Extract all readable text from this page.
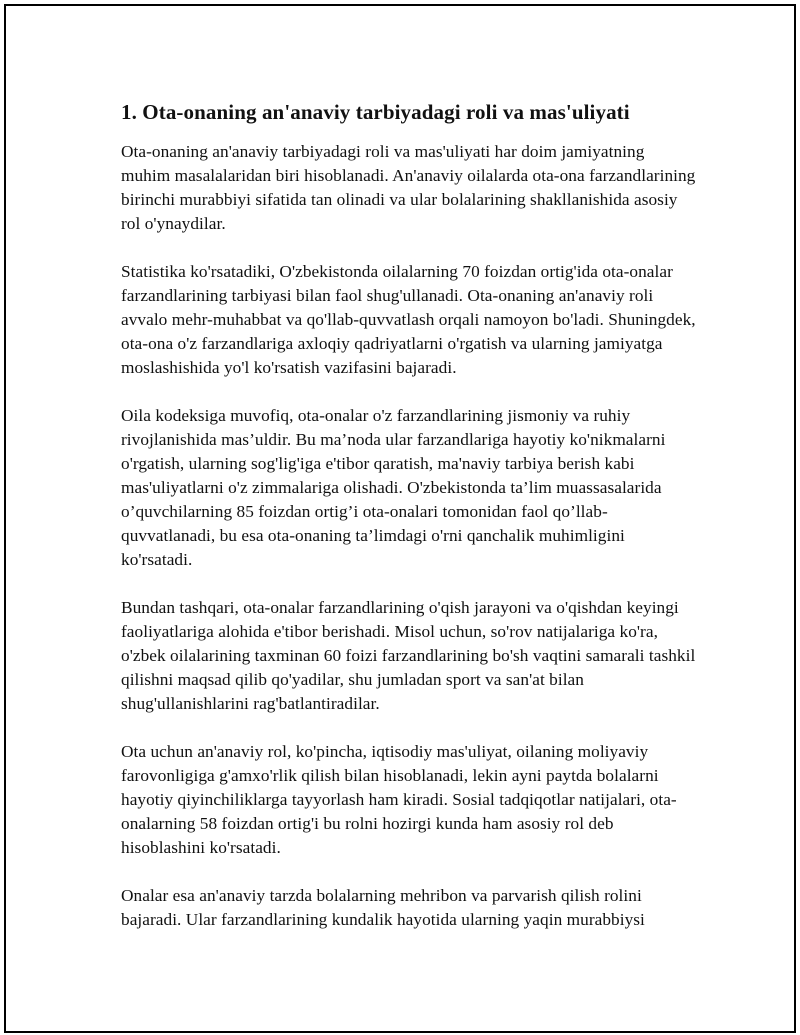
1. Ota-onaning an'anaviy tarbiyadagi roli va mas'uliyati

Ota-onaning an'anaviy tarbiyadagi roli va mas'uliyati har doim jamiyatning muhim masalalaridan biri hisoblanadi. An'anaviy oilalarda ota-ona farzandlarining birinchi murabbiyi sifatida tan olinadi va ular bolalarining shakllanishida asosiy rol o'ynaydilar.

Statistika ko'rsatadiki, O'zbekistonda oilalarning 70 foizdan ortig'ida ota-onalar farzandlarining tarbiyasi bilan faol shug'ullanadi. Ota-onaning an'anaviy roli avvalo mehr-muhabbat va qo'llab-quvvatlash orqali namoyon bo'ladi. Shuningdek, ota-ona o'z farzandlariga axloqiy qadriyatlarni o'rgatish va ularning jamiyatga moslashishida yo'l ko'rsatish vazifasini bajaradi.

Oila kodeksiga muvofiq, ota-onalar o'z farzandlarining jismoniy va ruhiy rivojlanishida mas’uldir. Bu ma’noda ular farzandlariga hayotiy ko'nikmalarni o'rgatish, ularning sog'lig'iga e'tibor qaratish, ma'naviy tarbiya berish kabi mas'uliyatlarni o'z zimmalariga olishadi. O'zbekistonda ta’lim muassasalarida o’quvchilarning 85 foizdan ortig’i ota-onalari tomonidan faol qo’llab-quvvatlanadi, bu esa ota-onaning ta’limdagi o'rni qanchalik muhimligini ko'rsatadi.

Bundan tashqari, ota-onalar farzandlarining o'qish jarayoni va o'qishdan keyingi faoliyatlariga alohida e'tibor berishadi. Misol uchun, so'rov natijalariga ko'ra, o'zbek oilalarining taxminan 60 foizi farzandlarining bo'sh vaqtini samarali tashkil qilishni maqsad qilib qo'yadilar, shu jumladan sport va san'at bilan shug'ullanishlarini rag'batlantiradilar.

Ota uchun an'anaviy rol, ko'pincha, iqtisodiy mas'uliyat, oilaning moliyaviy farovonligiga g'amxo'rlik qilish bilan hisoblanadi, lekin ayni paytda bolalarni hayotiy qiyinchiliklarga tayyorlash ham kiradi. Sosial tadqiqotlar natijalari, ota-onalarning 58 foizdan ortig'i bu rolni hozirgi kunda ham asosiy rol deb hisoblashini ko'rsatadi.

Onalar esa an'anaviy tarzda bolalarning mehribon va parvarish qilish rolini bajaradi. Ular farzandlarining kundalik hayotida ularning yaqin murabbiysi
